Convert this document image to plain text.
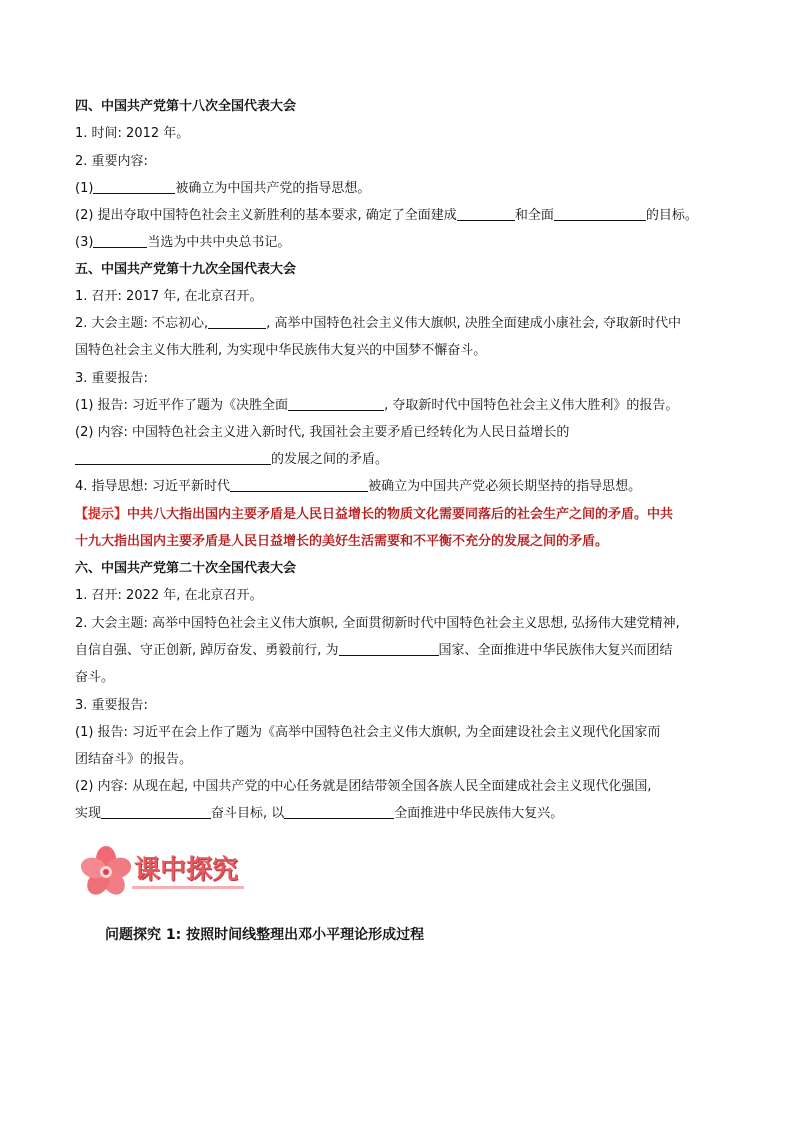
四、中国共产党第十八次全国代表大会
1. 时间: 2012 年。
2. 重要内容:
(1)	被确立为中国共产党的指导思想。
(2) 提出夺取中国特色社会主义新胜利的基本要求, 确定了全面建成	和全面	的目标。
(3)	当选为中共中央总书记。
五、中国共产党第十九次全国代表大会
1. 召开: 2017 年, 在北京召开。
2. 大会主题: 不忘初心,	, 高举中国特色社会主义伟大旗帜, 决胜全面建成小康社会, 夺取新时代中
国特色社会主义伟大胜利, 为实现中华民族伟大复兴的中国梦不懈奋斗。
3. 重要报告:
(1) 报告: 习近平作了题为《决胜全面	, 夺取新时代中国特色社会主义伟大胜利》的报告。
(2) 内容: 中国特色社会主义进入新时代, 我国社会主要矛盾已经转化为人民日益增长的
的发展之间的矛盾。
4. 指导思想: 习近平新时代	被确立为中国共产党必须长期坚持的指导思想。
【提示】中共八大指出国内主要矛盾是人民日益增长的物质文化需要同落后的社会生产之间的矛盾。中共
十九大指出国内主要矛盾是人民日益增长的美好生活需要和不平衡不充分的发展之间的矛盾。
六、中国共产党第二十次全国代表大会
1. 召开: 2022 年, 在北京召开。
2. 大会主题: 高举中国特色社会主义伟大旗帜, 全面贯彻新时代中国特色社会主义思想, 弘扬伟大建党精神,
自信自强、守正创新, 踔厉奋发、勇毅前行, 为	国家、全面推进中华民族伟大复兴而团结
奋斗。
3. 重要报告:
(1) 报告: 习近平在会上作了题为《高举中国特色社会主义伟大旗帜, 为全面建设社会主义现代化国家而
团结奋斗》的报告。
(2) 内容: 从现在起, 中国共产党的中心任务就是团结带领全国各族人民全面建成社会主义现代化强国,
实现	奋斗目标, 以	全面推进中华民族伟大复兴。
课中探究
问题探究 1: 按照时间线整理出邓小平理论形成过程
